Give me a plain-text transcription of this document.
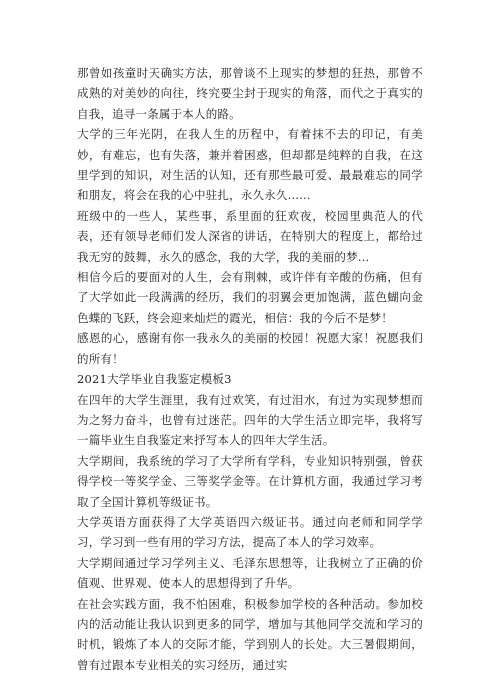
那曾如孩童时天确实方法，那曾谈不上现实的梦想的狂热，那曾不成熟的对美妙的向往，终究要尘封于现实的角落，而代之于真实的自我，追寻一条属于本人的路。

大学的三年光阴，在我人生的历程中，有着抹不去的印记，有美妙，有难忘，也有失落，兼并着困惑，但却都是纯粹的自我，在这里学到的知识，对生活的认知，还有那些最可爱、最最难忘的同学和朋友，将会在我的心中驻扎，永久永久...…

班级中的一些人，某些事，系里面的狂欢夜，校园里典范人的代表，还有领导老师们发人深省的讲话，在特别大的程度上，都给过我无穷的鼓舞，永久的感念，我的大学，我的美丽的梦…

相信今后的要面对的人生，会有荆棘，或许伴有辛酸的伤痛，但有了大学如此一段满满的经历，我们的羽翼会更加饱满，蓝色蝴向金色蝶的飞跃，终会迎来灿烂的霞光，相信：我的今后不是梦！

感恩的心，感谢有你一我永久的美丽的校园！祝愿大家！祝愿我们的所有！

2021大学毕业自我鉴定模板3

在四年的大学生涯里，我有过欢笑，有过泪水，有过为实现梦想而为之努力奋斗，也曾有过迷茫。四年的大学生活立即完毕，我将写一篇毕业生自我鉴定来抒写本人的四年大学生活。

大学期间，我系统的学习了大学所有学科，专业知识特别强，曾获得学校一等奖学金、三等奖学金等。在计算机方面，我通过学习考取了全国计算机等级证书。

大学英语方面获得了大学英语四六级证书。通过向老师和同学学习，学习到一些有用的学习方法，提高了本人的学习效率。

大学期间通过学习学列主义、毛泽东思想等，让我树立了正确的价值观、世界观、使本人的思想得到了升华。

在社会实践方面，我不怕困难，积极参加学校的各种活动。参加校内的活动能让我认识到更多的同学，增加与其他同学交流和学习的时机，锻炼了本人的交际才能，学到别人的长处。大三暑假期间，曾有过跟本专业相关的实习经历，通过实
